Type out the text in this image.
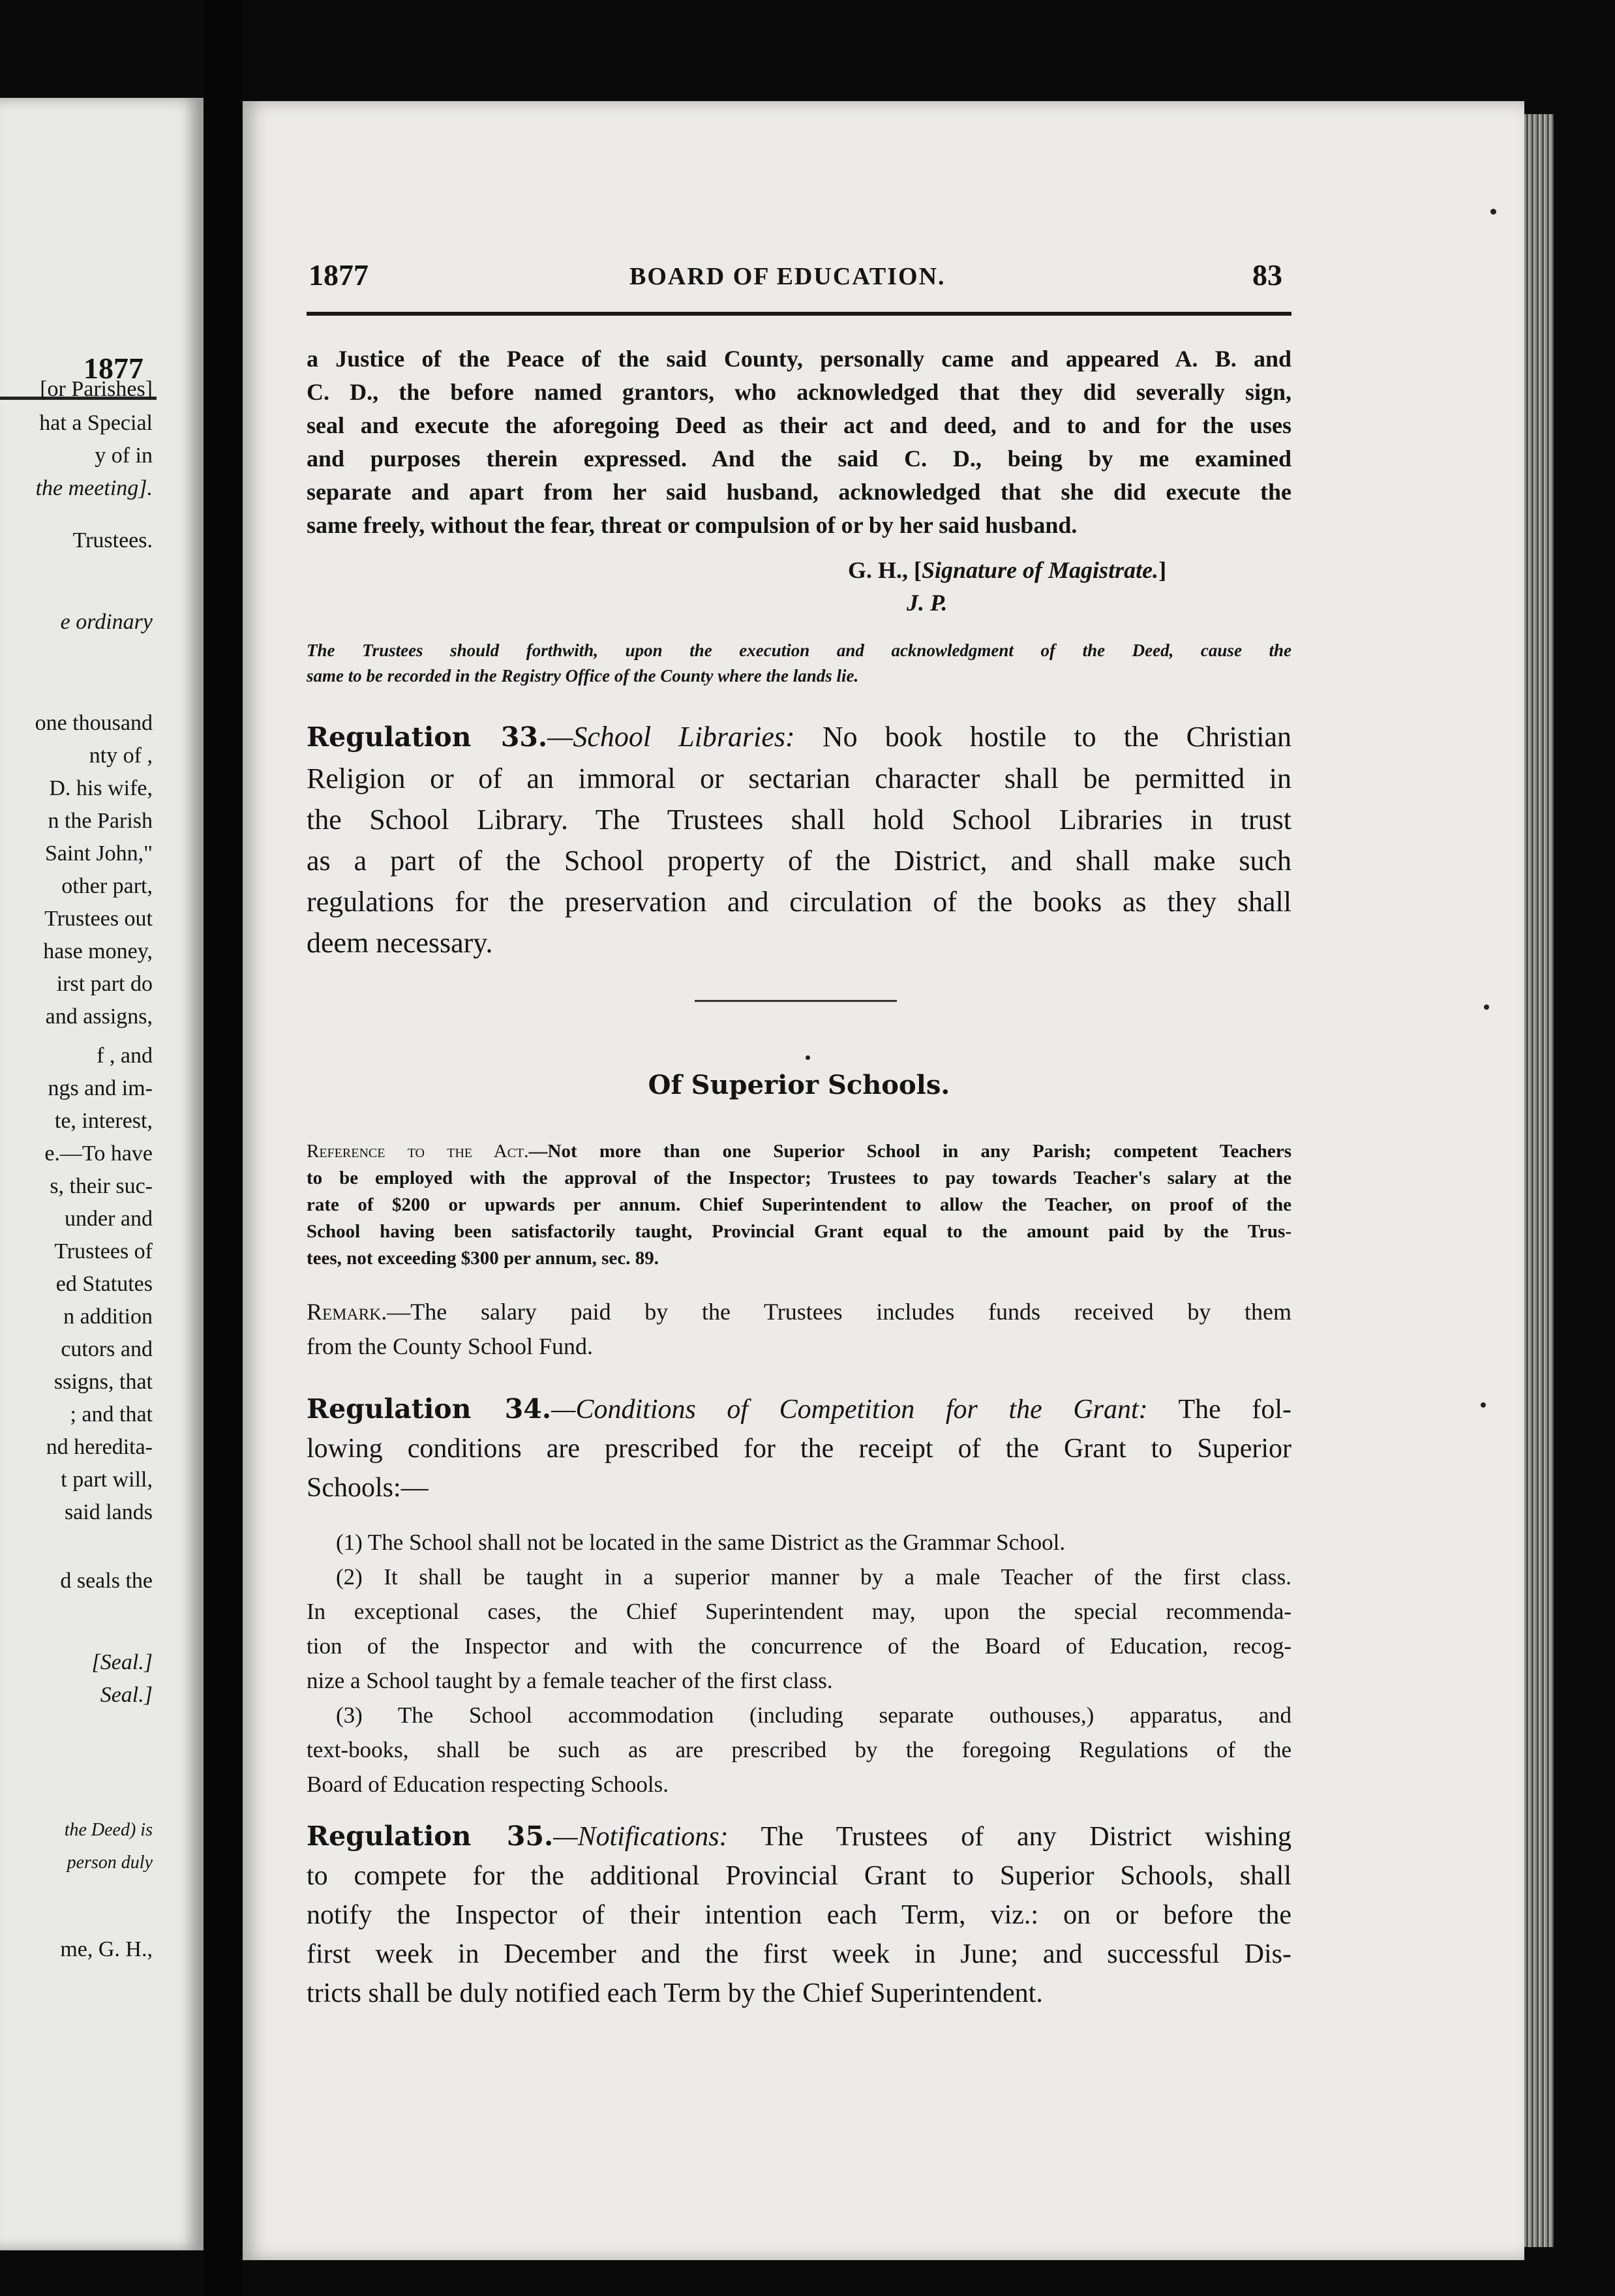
1877
[or Parishes]
hat a Special
y of in
the meeting].
Trustees.
e ordinary
one thousand
nty of ,
D. his wife,
n the Parish
Saint John,"
other part,
Trustees out
hase money,
irst part do
and assigns,
f , and
ngs and im-
te, interest,
e.—To have
s, their suc-
under and
Trustees of
ed Statutes
n addition
cutors and
ssigns, that
; and that
nd heredita-
t part will,
said lands
d seals the
[Seal.]
Seal.]
the Deed) is
person duly
me, G. H.,
1877	BOARD OF EDUCATION.	83
a Justice of the Peace of the said County, personally came and appeared A. B. and
C. D., the before named grantors, who acknowledged that they did severally sign,
seal and execute the aforegoing Deed as their act and deed, and to and for the uses
and purposes therein expressed. And the said C. D., being by me examined
separate and apart from her said husband, acknowledged that she did execute the
same freely, without the fear, threat or compulsion of or by her said husband.
G. H., [Signature of Magistrate.]
J. P.
The Trustees should forthwith, upon the execution and acknowledgment of the Deed, cause the
same to be recorded in the Registry Office of the County where the lands lie.
Regulation 33.—School Libraries: No book hostile to the Christian
Religion or of an immoral or sectarian character shall be permitted in
the School Library. The Trustees shall hold School Libraries in trust
as a part of the School property of the District, and shall make such
regulations for the preservation and circulation of the books as they shall
deem necessary.
Of Superior Schools.
Reference to the Act.—Not more than one Superior School in any Parish; competent Teachers
to be employed with the approval of the Inspector; Trustees to pay towards Teacher's salary at the
rate of $200 or upwards per annum. Chief Superintendent to allow the Teacher, on proof of the
School having been satisfactorily taught, Provincial Grant equal to the amount paid by the Trus-
tees, not exceeding $300 per annum, sec. 89.
Remark.—The salary paid by the Trustees includes funds received by them
from the County School Fund.
Regulation 34.—Conditions of Competition for the Grant: The fol-
lowing conditions are prescribed for the receipt of the Grant to Superior
Schools:—
(1) The School shall not be located in the same District as the Grammar School.
(2) It shall be taught in a superior manner by a male Teacher of the first class.
In exceptional cases, the Chief Superintendent may, upon the special recommenda-
tion of the Inspector and with the concurrence of the Board of Education, recog-
nize a School taught by a female teacher of the first class.
(3) The School accommodation (including separate outhouses,) apparatus, and
text-books, shall be such as are prescribed by the foregoing Regulations of the
Board of Education respecting Schools.
Regulation 35.—Notifications: The Trustees of any District wishing
to compete for the additional Provincial Grant to Superior Schools, shall
notify the Inspector of their intention each Term, viz.: on or before the
first week in December and the first week in June; and successful Dis-
tricts shall be duly notified each Term by the Chief Superintendent.
